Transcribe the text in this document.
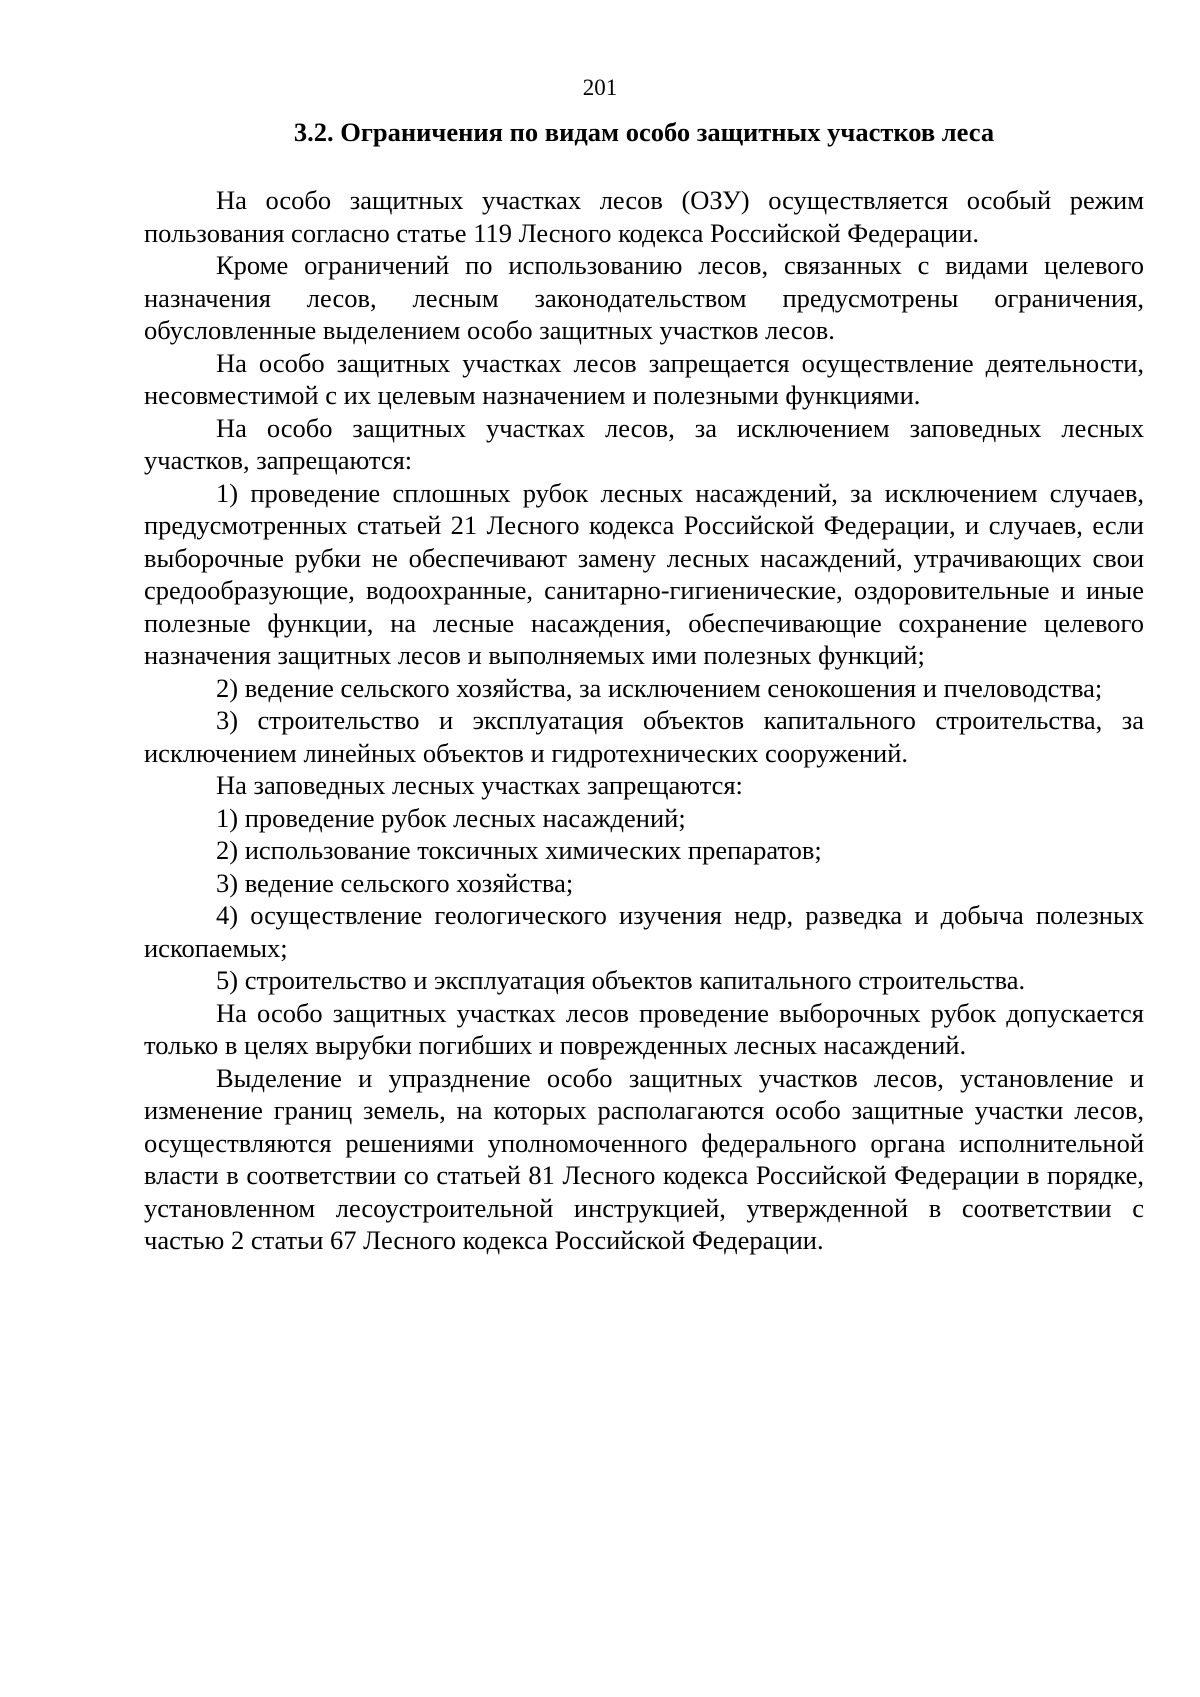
201
3.2. Ограничения по видам особо защитных участков леса

На особо защитных участках лесов (ОЗУ) осуществляется особый режим пользования согласно статье 119 Лесного кодекса Российской Федерации.

Кроме ограничений по использованию лесов, связанных с видами целевого назначения лесов, лесным законодательством предусмотрены ограничения, обусловленные выделением особо защитных участков лесов.

На особо защитных участках лесов запрещается осуществление деятельности, несовместимой с их целевым назначением и полезными функциями.

На особо защитных участках лесов, за исключением заповедных лесных участков, запрещаются:

1) проведение сплошных рубок лесных насаждений, за исключением случаев, предусмотренных статьей 21 Лесного кодекса Российской Федерации, и случаев, если выборочные рубки не обеспечивают замену лесных насаждений, утрачивающих свои средообразующие, водоохранные, санитарно-гигиенические, оздоровительные и иные полезные функции, на лесные насаждения, обеспечивающие сохранение целевого назначения защитных лесов и выполняемых ими полезных функций;

2) ведение сельского хозяйства, за исключением сенокошения и пчеловодства;

3) строительство и эксплуатация объектов капитального строительства, за исключением линейных объектов и гидротехнических сооружений.

На заповедных лесных участках запрещаются:

1) проведение рубок лесных насаждений;

2) использование токсичных химических препаратов;

3) ведение сельского хозяйства;

4) осуществление геологического изучения недр, разведка и добыча полезных ископаемых;

5) строительство и эксплуатация объектов капитального строительства.

На особо защитных участках лесов проведение выборочных рубок допускается только в целях вырубки погибших и поврежденных лесных насаждений.

Выделение и упразднение особо защитных участков лесов, установление и изменение границ земель, на которых располагаются особо защитные участки лесов, осуществляются решениями уполномоченного федерального органа исполнительной власти в соответствии со статьей 81 Лесного кодекса Российской Федерации в порядке, установленном лесоустроительной инструкцией, утвержденной в соответствии с частью 2 статьи 67 Лесного кодекса Российской Федерации.
